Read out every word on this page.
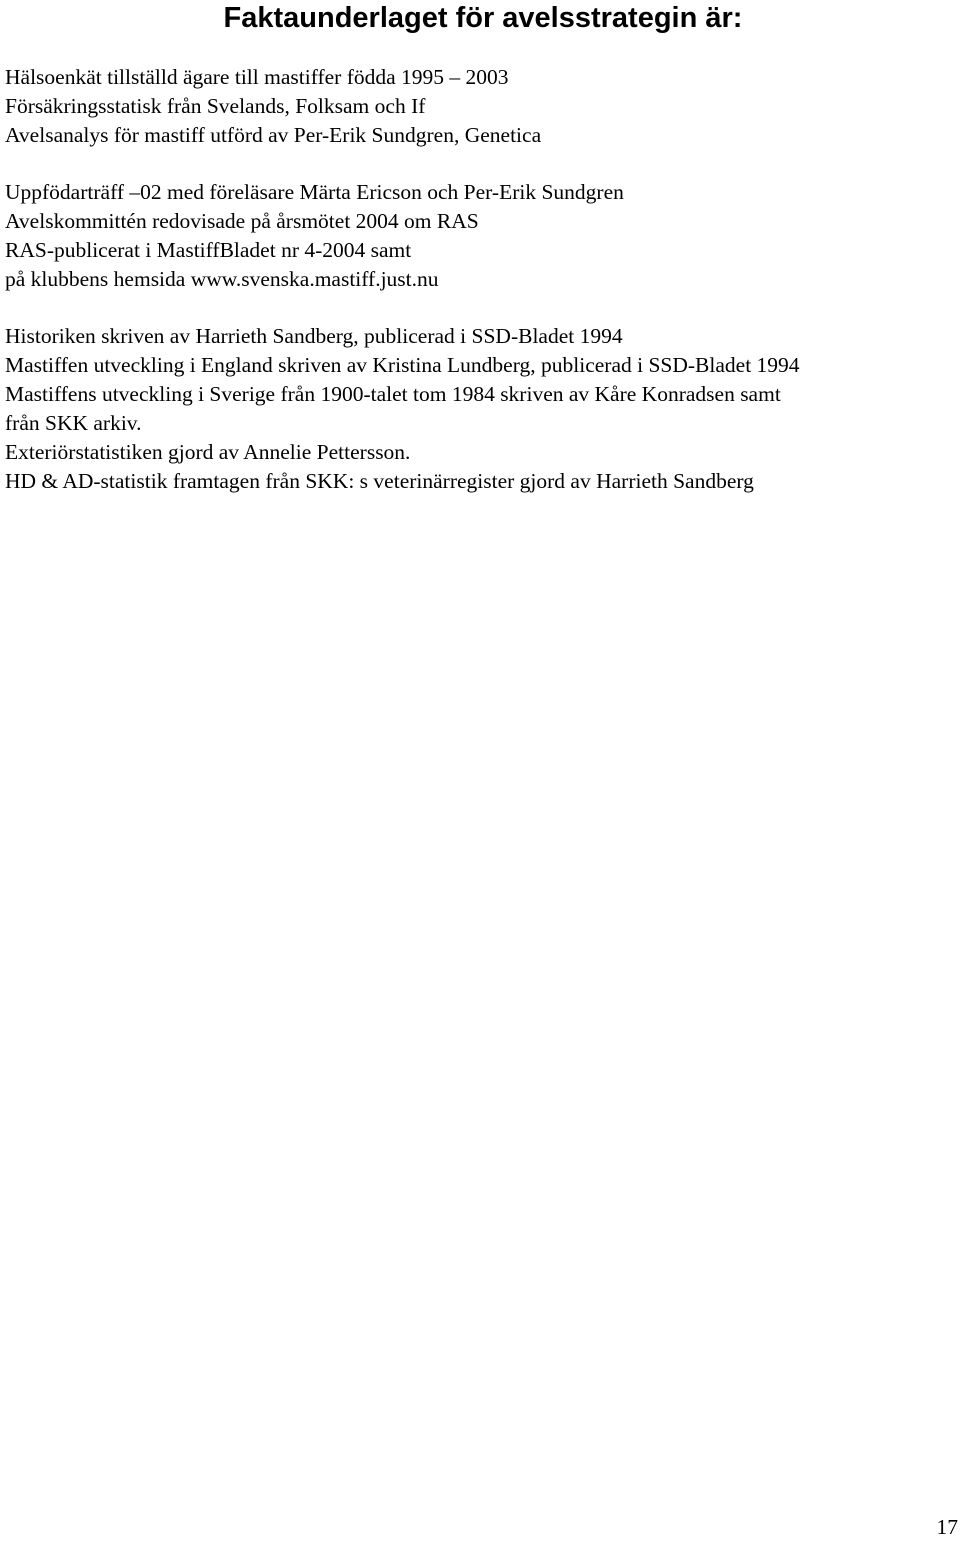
Faktaunderlaget för avelsstrategin är:
Hälsoenkät tillställd ägare till mastiffer födda 1995 – 2003
Försäkringsstatisk från Svelands, Folksam och If
Avelsanalys för mastiff utförd av Per-Erik Sundgren, Genetica
Uppfödarträff –02 med föreläsare Märta Ericson och Per-Erik Sundgren
Avelskommittén redovisade på årsmötet 2004 om RAS
RAS-publicerat i MastiffBladet nr 4-2004 samt
på klubbens hemsida www.svenska.mastiff.just.nu
Historiken skriven av Harrieth Sandberg, publicerad i SSD-Bladet 1994
Mastiffen utveckling i England skriven av Kristina Lundberg, publicerad i SSD-Bladet 1994
Mastiffens utveckling i Sverige från 1900-talet tom 1984 skriven av Kåre Konradsen samt
från SKK arkiv.
Exteriörstatistiken gjord av Annelie Pettersson.
HD & AD-statistik framtagen från SKK: s veterinärregister gjord av Harrieth Sandberg
17
